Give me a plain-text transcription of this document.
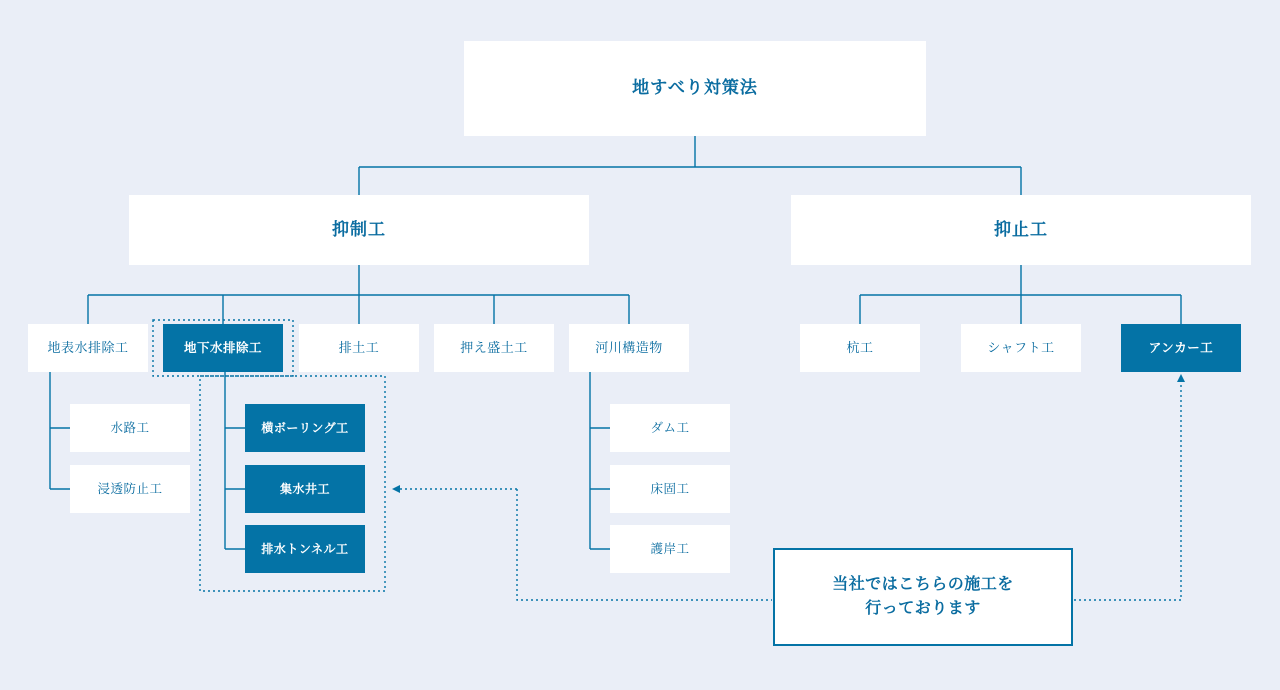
地すべり対策法
抑制工	抑止工
地表水排除工	地下水排除工	排土工	押え盛土工	河川構造物	杭工	シャフト工	アンカー工
水路工
浸透防止工
横ボーリング工
集水井工
排水トンネル工
ダム工
床固工
護岸工
当社ではこちらの施工を
行っております
